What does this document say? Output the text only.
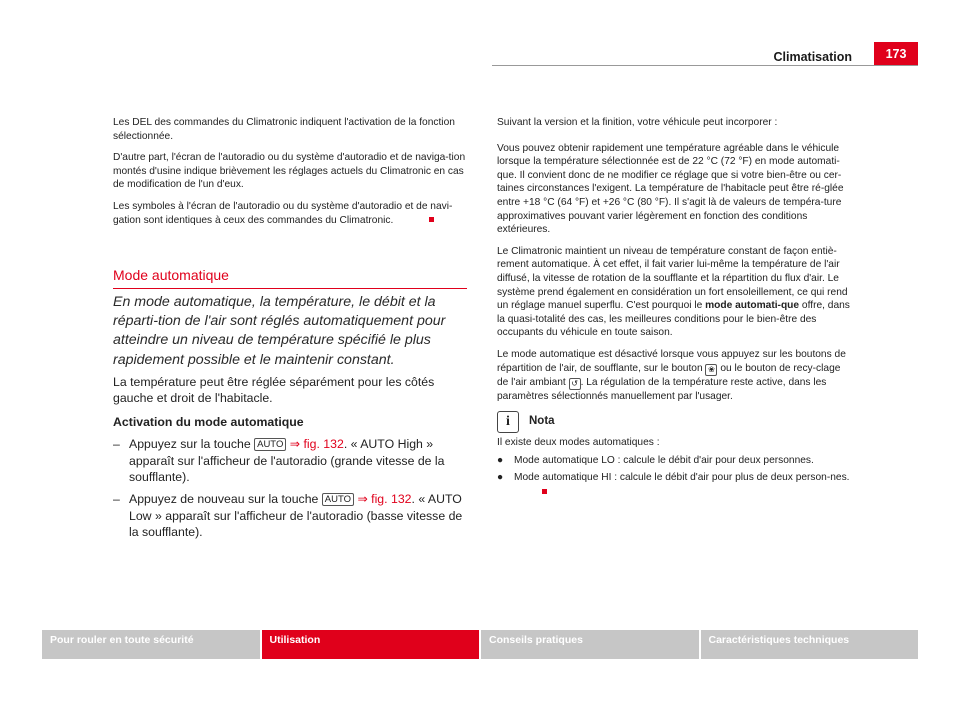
Climatisation	173

Les DEL des commandes du Climatronic indiquent l'activation de la fonction sélectionnée.

D'autre part, l'écran de l'autoradio ou du système d'autoradio et de naviga-tion montés d'usine indique brièvement les réglages actuels du Climatronic en cas de modification de l'un d'eux.

Les symboles à l'écran de l'autoradio ou du système d'autoradio et de navi-gation sont identiques à ceux des commandes du Climatronic.

Mode automatique
En mode automatique, la température, le débit et la réparti-tion de l'air sont réglés automatiquement pour atteindre un niveau de température spécifié le plus rapidement possible et le maintenir constant.
La température peut être réglée séparément pour les côtés gauche et droit de l'habitacle.
Activation du mode automatique
– Appuyez sur la touche AUTO ⇒ fig. 132. « AUTO High » apparaît sur l'afficheur de l'autoradio (grande vitesse de la soufflante).
– Appuyez de nouveau sur la touche AUTO ⇒ fig. 132. « AUTO Low » apparaît sur l'afficheur de l'autoradio (basse vitesse de la soufflante).

Suivant la version et la finition, votre véhicule peut incorporer :

Vous pouvez obtenir rapidement une température agréable dans le véhicule lorsque la température sélectionnée est de 22 °C (72 °F) en mode automati-que. Il convient donc de ne modifier ce réglage que si votre bien-être ou cer-taines circonstances l'exigent. La température de l'habitacle peut être ré-glée entre +18 °C (64 °F) et +26 °C (80 °F). Il s'agit là de valeurs de tempéra-ture approximatives pouvant varier légèrement en fonction des conditions extérieures.

Le Climatronic maintient un niveau de température constant de façon entiè-rement automatique. À cet effet, il fait varier lui-même la température de l'air diffusé, la vitesse de rotation de la soufflante et la répartition du flux d'air. Le système prend également en considération un fort ensoleillement, ce qui rend un réglage manuel superflu. C'est pourquoi le mode automati-que offre, dans la quasi-totalité des cas, les meilleures conditions pour le bien-être des occupants du véhicule en toute saison.

Le mode automatique est désactivé lorsque vous appuyez sur les boutons de répartition de l'air, de soufflante, sur le bouton ❀ ou le bouton de recy-clage de l'air ambiant ↺ . La régulation de la température reste active, dans les paramètres sélectionnés manuellement par l'usager.

i	Nota
Il existe deux modes automatiques :
●	Mode automatique LO : calcule le débit d'air pour deux personnes.
●	Mode automatique HI : calcule le débit d'air pour plus de deux person-nes.
Pour rouler en toute sécurité	Utilisation	Conseils pratiques	Caractéristiques techniques
